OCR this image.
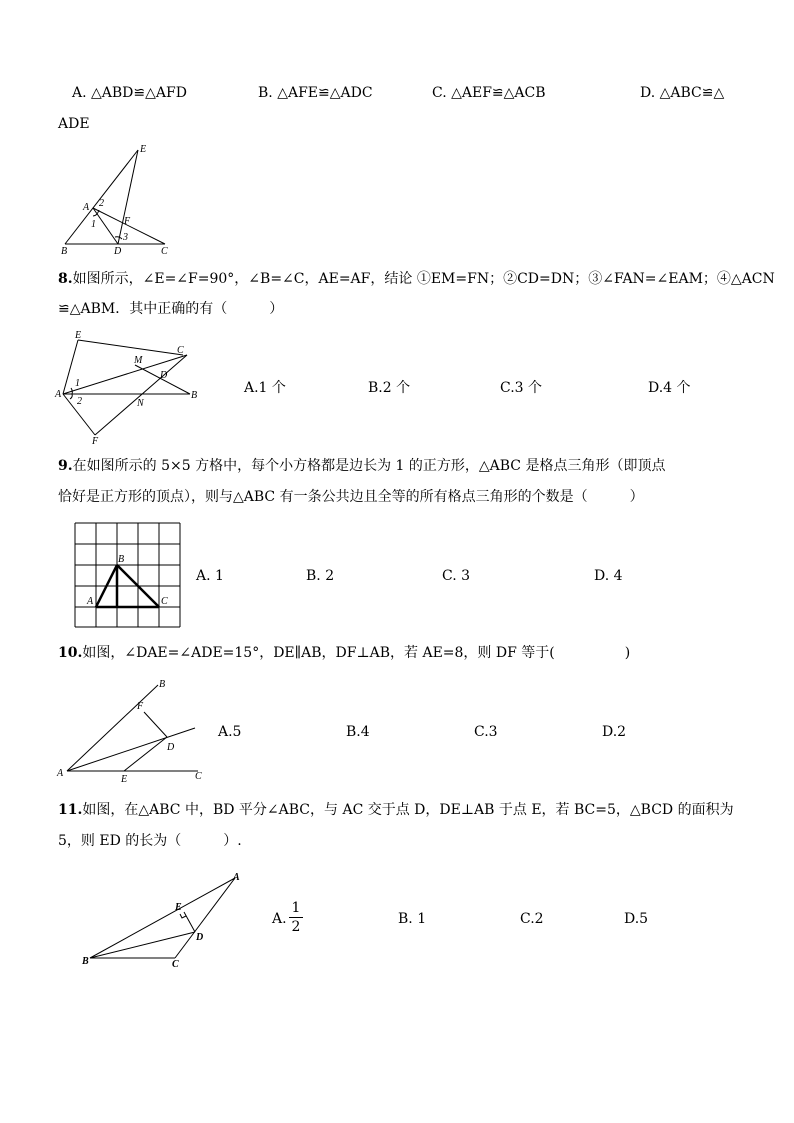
A. △ABD≌△AFD	B. △AFE≌△ADC	C. △AEF≌△ACB	D. △ABC≌△
ADE
E
A 2
1	F
3
B	D	C
8.如图所示，∠E=∠F=90°，∠B=∠C，AE=AF，结论 ①EM=FN；②CD=DN；③∠FAN=∠EAM；④△ACN
≌△ABM．其中正确的有（　　　）
E
C
M
D
1
A
2	N
B
F
A.1 个	B.2 个	C.3 个	D.4 个
9.在如图所示的 5×5 方格中，每个小方格都是边长为 1 的正方形，△ABC 是格点三角形（即顶点
恰好是正方形的顶点），则与△ABC 有一条公共边且全等的所有格点三角形的个数是（　　　）
A
B
C
A. 1	B. 2	C. 3	D. 4
10.如图，∠DAE=∠ADE=15°，DE∥AB，DF⊥AB，若 AE=8，则 DF 等于(　　　　　)
B
F
D
A
E	C
A.5	B.4	C.3	D.2
11.如图，在△ABC 中，BD 平分∠ABC，与 AC 交于点 D，DE⊥AB 于点 E，若 BC=5，△BCD 的面积为
5，则 ED 的长为（　　　）.
A
E
D
B	C
A.
1
2	B. 1	C.2	D.5
